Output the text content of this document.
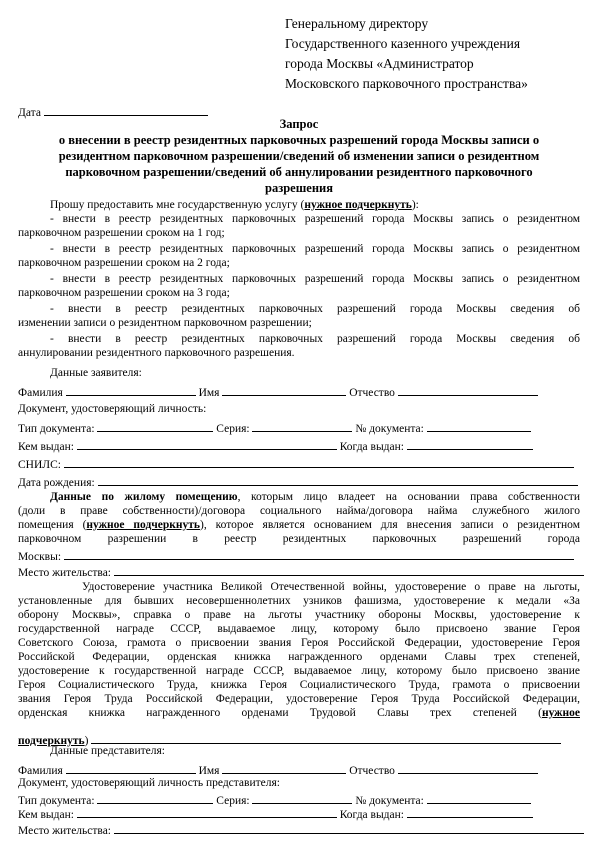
Генеральному директору
Государственного казенного учреждения
города Москвы «Администратор
Московского парковочного пространства»
Дата
Запрос
о внесении в реестр резидентных парковочных разрешений города Москвы записи о
резидентном парковочном разрешении/сведений об изменении записи о резидентном
парковочном разрешении/сведений об аннулировании резидентного парковочного
разрешения
Прошу предоставить мне государственную услугу (нужное подчеркнуть):
- внести в реестр резидентных парковочных разрешений города Москвы запись о резидентном
парковочном разрешении сроком на 1 год;
- внести в реестр резидентных парковочных разрешений города Москвы запись о резидентном
парковочном разрешении сроком на 2 года;
- внести в реестр резидентных парковочных разрешений города Москвы запись о резидентном
парковочном разрешении сроком на 3 года;
- внести в реестр резидентных парковочных разрешений города Москвы сведения об
изменении записи о резидентном парковочном разрешении;
- внести в реестр резидентных парковочных разрешений города Москвы сведения об
аннулировании резидентного парковочного разрешения.
Данные заявителя:
Фамилия	Имя	Отчество
Документ, удостоверяющий личность:
Тип документа:	Серия:	№ документа:
Кем выдан:	Когда выдан:
СНИЛС:
Дата рождения:
Данные по жилому помещению, которым лицо владеет на основании права собственности
(доли в праве собственности)/договора социального найма/договора найма служебного жилого
помещения (нужное подчеркнуть), которое является основанием для внесения записи о резидентном
парковочном разрешении в реестр резидентных парковочных разрешений города
Москвы:
Место жительства:
Удостоверение участника Великой Отечественной войны, удостоверение о праве на льготы,
установленные для бывших несовершеннолетних узников фашизма, удостоверение к медали «За
оборону Москвы», справка о праве на льготы участнику обороны Москвы, удостоверение к
государственной награде СССР, выдаваемое лицу, которому было присвоено звание Героя
Советского Союза, грамота о присвоении звания Героя Российской Федерации, удостоверение Героя
Российской Федерации, орденская книжка награжденного орденами Славы трех степеней,
удостоверение к государственной награде СССР, выдаваемое лицу, которому было присвоено звание
Героя Социалистического Труда, книжка Героя Социалистического Труда, грамота о присвоении
звания Героя Труда Российской Федерации, удостоверение Героя Труда Российской Федерации,
орденская книжка награжденного орденами Трудовой Славы трех степеней (нужное
подчеркнуть)
Данные представителя:
Фамилия	Имя	Отчество
Документ, удостоверяющий личность представителя:
Тип документа:	Серия:	№ документа:
Кем выдан:	Когда выдан:
Место жительства:
